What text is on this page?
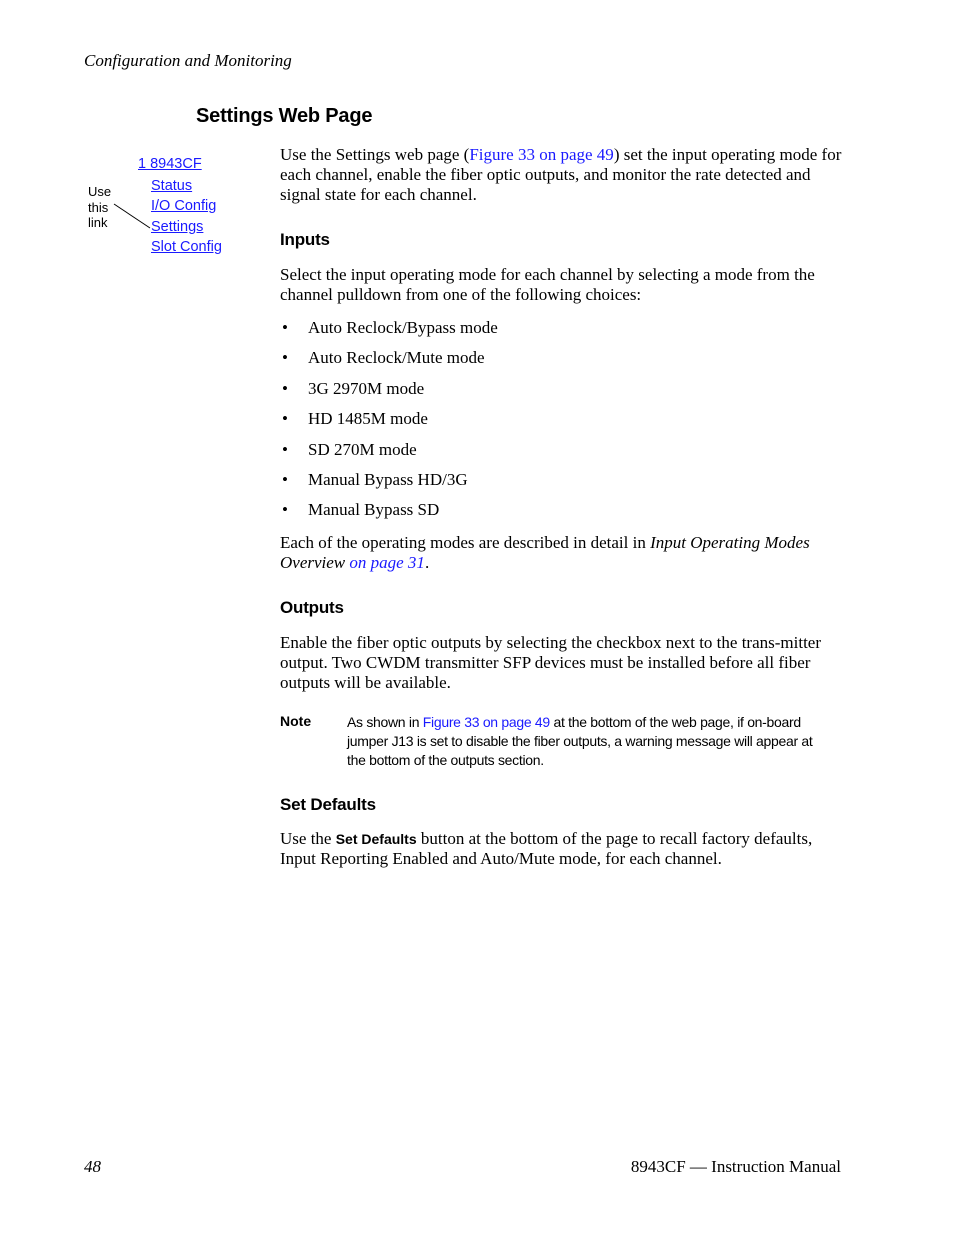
Configuration and Monitoring
Settings Web Page
1 8943CF
Status
I/O Config
Settings
Slot Config
Use
this
link
Use the Settings web page (Figure 33 on page 49) set the input operating mode for each channel, enable the fiber optic outputs, and monitor the rate detected and signal state for each channel.
Inputs
Select the input operating mode for each channel by selecting a mode from the channel pulldown from one of the following choices:
• Auto Reclock/Bypass mode
• Auto Reclock/Mute mode
• 3G 2970M mode
• HD 1485M mode
• SD 270M mode
• Manual Bypass HD/3G
• Manual Bypass SD
Each of the operating modes are described in detail in Input Operating Modes Overview on page 31.
Outputs
Enable the fiber optic outputs by selecting the checkbox next to the trans-mitter output. Two CWDM transmitter SFP devices must be installed before all fiber outputs will be available.
Note	As shown in Figure 33 on page 49 at the bottom of the web page, if on-board jumper J13 is set to disable the fiber outputs, a warning message will appear at the bottom of the outputs section.
Set Defaults
Use the Set Defaults button at the bottom of the page to recall factory defaults, Input Reporting Enabled and Auto/Mute mode, for each channel.
48	8943CF — Instruction Manual
